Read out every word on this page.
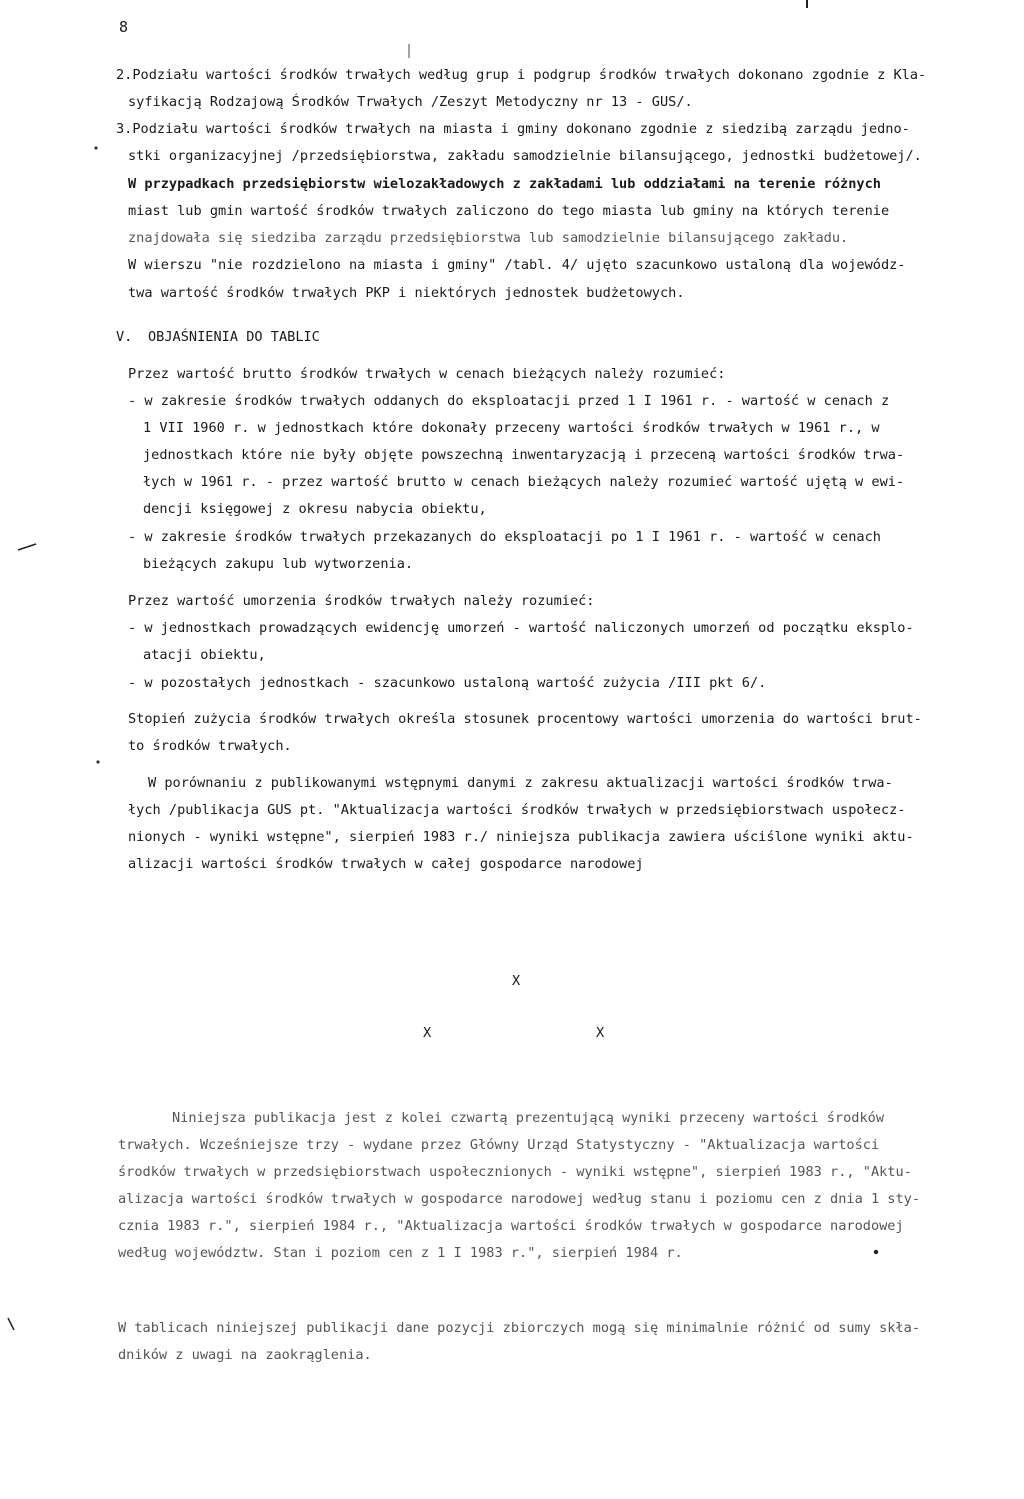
8
2.Podziału wartości środków trwałych według grup i podgrup środków trwałych dokonano zgodnie z Kla-
syfikacją Rodzajową Środków Trwałych /Zeszyt Metodyczny nr 13 - GUS/.
3.Podziału wartości środków trwałych na miasta i gminy dokonano zgodnie z siedzibą zarządu jedno-
stki organizacyjnej /przedsiębiorstwa, zakładu samodzielnie bilansującego, jednostki budżetowej/.
W przypadkach przedsiębiorstw wielozakładowych z zakładami lub oddziałami na terenie różnych
miast lub gmin wartość środków trwałych zaliczono do tego miasta lub gminy na których terenie
znajdowała się siedziba zarządu przedsiębiorstwa lub samodzielnie bilansującego zakładu.
W wierszu "nie rozdzielono na miasta i gminy" /tabl. 4/ ujęto szacunkowo ustaloną dla wojewódz-
twa wartość środków trwałych PKP i niektórych jednostek budżetowych.
V. OBJAŚNIENIA DO TABLIC
Przez wartość brutto środków trwałych w cenach bieżących należy rozumieć:
- w zakresie środków trwałych oddanych do eksploatacji przed 1 I 1961 r. - wartość w cenach z
1 VII 1960 r. w jednostkach które dokonały przeceny wartości środków trwałych w 1961 r., w
jednostkach które nie były objęte powszechną inwentaryzacją i przeceną wartości środków trwa-
łych w 1961 r. - przez wartość brutto w cenach bieżących należy rozumieć wartość ujętą w ewi-
dencji księgowej z okresu nabycia obiektu,
- w zakresie środków trwałych przekazanych do eksploatacji po 1 I 1961 r. - wartość w cenach
bieżących zakupu lub wytworzenia.
Przez wartość umorzenia środków trwałych należy rozumieć:
- w jednostkach prowadzących ewidencję umorzeń - wartość naliczonych umorzeń od początku eksplo-
atacji obiektu,
- w pozostałych jednostkach - szacunkowo ustaloną wartość zużycia /III pkt 6/.
Stopień zużycia środków trwałych określa stosunek procentowy wartości umorzenia do wartości brut-
to środków trwałych.
W porównaniu z publikowanymi wstępnymi danymi z zakresu aktualizacji wartości środków trwa-
łych /publikacja GUS pt. "Aktualizacja wartości środków trwałych w przedsiębiorstwach uspołecz-
nionych - wyniki wstępne", sierpień 1983 r./ niniejsza publikacja zawiera uściślone wyniki aktu-
alizacji wartości środków trwałych w całej gospodarce narodowej
X
X	X
Niniejsza publikacja jest z kolei czwartą prezentującą wyniki przeceny wartości środków
trwałych. Wcześniejsze trzy - wydane przez Główny Urząd Statystyczny - "Aktualizacja wartości
środków trwałych w przedsiębiorstwach uspołecznionych - wyniki wstępne", sierpień 1983 r., "Aktu-
alizacja wartości środków trwałych w gospodarce narodowej według stanu i poziomu cen z dnia 1 sty-
cznia 1983 r.", sierpień 1984 r., "Aktualizacja wartości środków trwałych w gospodarce narodowej
według województw. Stan i poziom cen z 1 I 1983 r.", sierpień 1984 r.
W tablicach niniejszej publikacji dane pozycji zbiorczych mogą się minimalnie różnić od sumy skła-
dników z uwagi na zaokrąglenia.
